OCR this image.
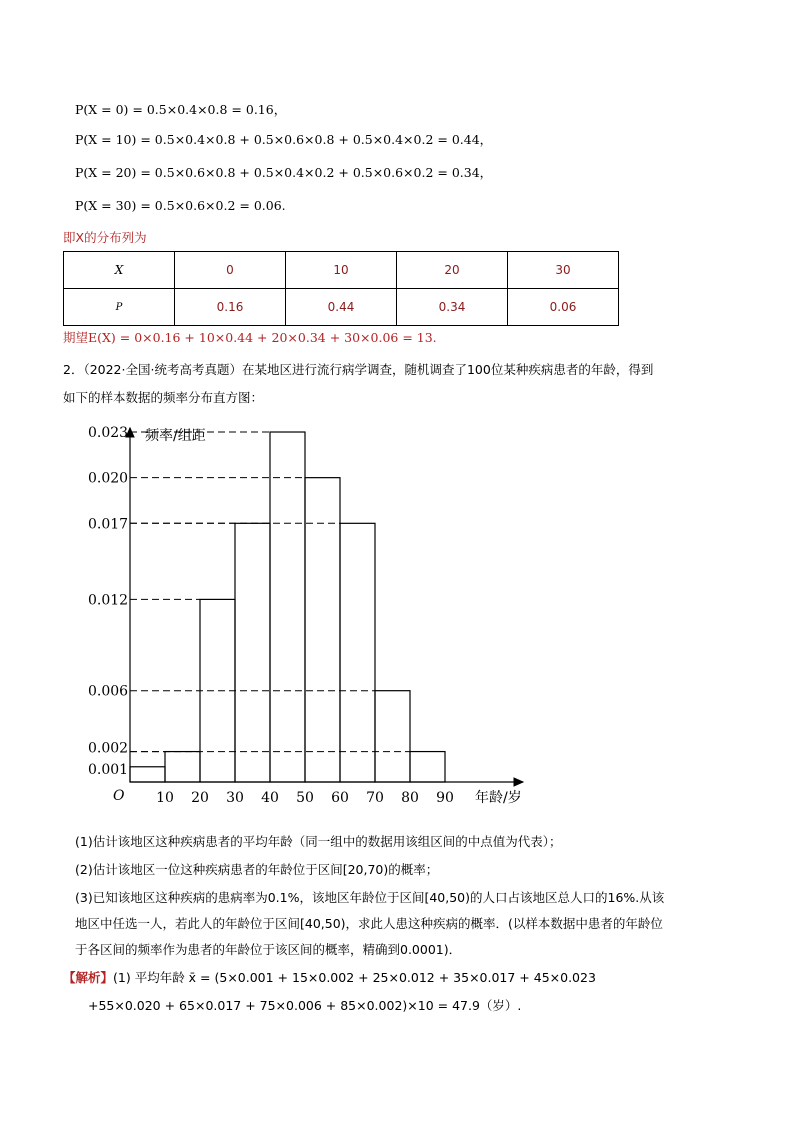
P(X = 0) = 0.5×0.4×0.8 = 0.16，
P(X = 10) = 0.5×0.4×0.8 + 0.5×0.6×0.8 + 0.5×0.4×0.2 = 0.44，
P(X = 20) = 0.5×0.6×0.8 + 0.5×0.4×0.2 + 0.5×0.6×0.2 = 0.34，
P(X = 30) = 0.5×0.6×0.2 = 0.06.
即X的分布列为
X	0	10	20	30
P	0.16	0.44	0.34	0.06
期望E(X) = 0×0.16 + 10×0.44 + 20×0.34 + 30×0.06 = 13.
2．（2022·全国·统考高考真题）在某地区进行流行病学调查，随机调查了100位某种疾病患者的年龄，得到
如下的样本数据的频率分布直方图：
10 20 30 40 50 60 70 80 90
0.023
0.020
0.017
0.012
0.006
0.002
0.001
频率/组距
年龄/岁
O
(1)估计该地区这种疾病患者的平均年龄（同一组中的数据用该组区间的中点值为代表）；
(2)估计该地区一位这种疾病患者的年龄位于区间[20,70)的概率；
(3)已知该地区这种疾病的患病率为0.1%，该地区年龄位于区间[40,50)的人口占该地区总人口的16%.从该
地区中任选一人，若此人的年龄位于区间[40,50)，求此人患这种疾病的概率．(以样本数据中患者的年龄位
于各区间的频率作为患者的年龄位于该区间的概率，精确到0.0001)．
【解析】(1) 平均年龄 x̄ = (5×0.001 + 15×0.002 + 25×0.012 + 35×0.017 + 45×0.023
+55×0.020 + 65×0.017 + 75×0.006 + 85×0.002)×10 = 47.9（岁）.
